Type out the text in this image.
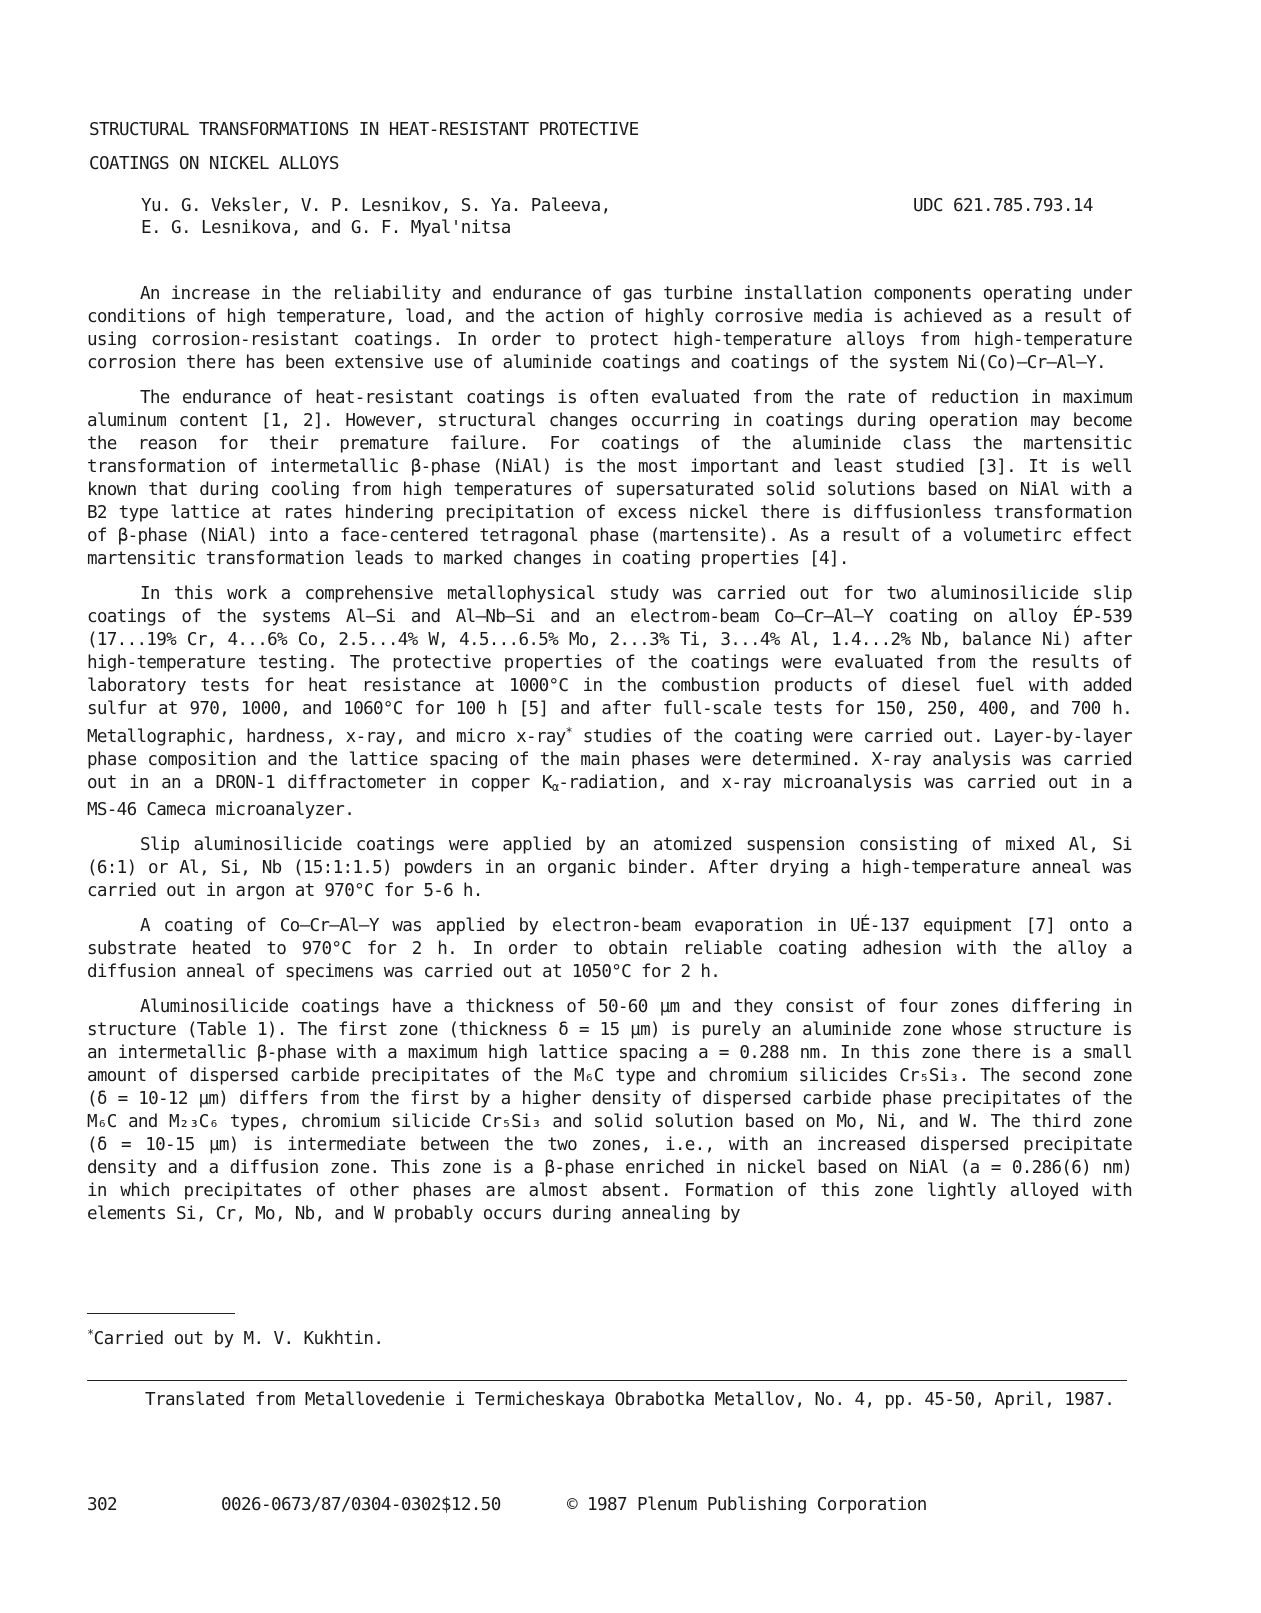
STRUCTURAL TRANSFORMATIONS IN HEAT-RESISTANT PROTECTIVE
COATINGS ON NICKEL ALLOYS
Yu. G. Veksler, V. P. Lesnikov, S. Ya. Paleeva,
E. G. Lesnikova, and G. F. Myal'nitsa
UDC 621.785.793.14

An increase in the reliability and endurance of gas turbine installation components operating under conditions of high temperature, load, and the action of highly corrosive media is achieved as a result of using corrosion-resistant coatings. In order to protect high-temperature alloys from high-temperature corrosion there has been extensive use of aluminide coatings and coatings of the system Ni(Co)—Cr—Al—Y.

The endurance of heat-resistant coatings is often evaluated from the rate of reduction in maximum aluminum content [1, 2]. However, structural changes occurring in coatings during operation may become the reason for their premature failure. For coatings of the aluminide class the martensitic transformation of intermetallic β-phase (NiAl) is the most important and least studied [3]. It is well known that during cooling from high temperatures of supersaturated solid solutions based on NiAl with a B2 type lattice at rates hindering precipitation of excess nickel there is diffusionless transformation of β-phase (NiAl) into a face-centered tetragonal phase (martensite). As a result of a volumetirc effect martensitic transformation leads to marked changes in coating properties [4].

In this work a comprehensive metallophysical study was carried out for two aluminosilicide slip coatings of the systems Al—Si and Al—Nb—Si and an electrom-beam Co—Cr—Al—Y coating on alloy ÉP-539 (17...19% Cr, 4...6% Co, 2.5...4% W, 4.5...6.5% Mo, 2...3% Ti, 3...4% Al, 1.4...2% Nb, balance Ni) after high-temperature testing. The protective properties of the coatings were evaluated from the results of laboratory tests for heat resistance at 1000°C in the combustion products of diesel fuel with added sulfur at 970, 1000, and 1060°C for 100 h [5] and after full-scale tests for 150, 250, 400, and 700 h. Metallographic, hardness, x-ray, and micro x-ray* studies of the coating were carried out. Layer-by-layer phase composition and the lattice spacing of the main phases were determined. X-ray analysis was carried out in an a DRON-1 diffractometer in copper $K_\alpha$-radiation, and x-ray microanalysis was carried out in a MS-46 Cameca microanalyzer.

Slip aluminosilicide coatings were applied by an atomized suspension consisting of mixed Al, Si (6:1) or Al, Si, Nb (15:1:1.5) powders in an organic binder. After drying a high-temperature anneal was carried out in argon at 970°C for 5-6 h.

A coating of Co—Cr—Al—Y was applied by electron-beam evaporation in UÉ-137 equipment [7] onto a substrate heated to 970°C for 2 h. In order to obtain reliable coating adhesion with the alloy a diffusion anneal of specimens was carried out at 1050°C for 2 h.

Aluminosilicide coatings have a thickness of 50-60 µm and they consist of four zones differing in structure (Table 1). The first zone (thickness δ = 15 µm) is purely an aluminide zone whose structure is an intermetallic β-phase with a maximum high lattice spacing a = 0.288 nm. In this zone there is a small amount of dispersed carbide precipitates of the M₆C type and chromium silicides Cr₅Si₃. The second zone (δ = 10-12 µm) differs from the first by a higher density of dispersed carbide phase precipitates of the M₆C and M₂₃C₆ types, chromium silicide Cr₅Si₃ and solid solution based on Mo, Ni, and W. The third zone (δ = 10-15 µm) is intermediate between the two zones, i.e., with an increased dispersed precipitate density and a diffusion zone. This zone is a β-phase enriched in nickel based on NiAl (a = 0.286(6) nm) in which precipitates of other phases are almost absent. Formation of this zone lightly alloyed with elements Si, Cr, Mo, Nb, and W probably occurs during annealing by

*Carried out by M. V. Kukhtin.

Translated from Metallovedenie i Termicheskaya Obrabotka Metallov, No. 4, pp. 45-50, April, 1987.

302	0026-0673/87/0304-0302$12.50	© 1987 Plenum Publishing Corporation
